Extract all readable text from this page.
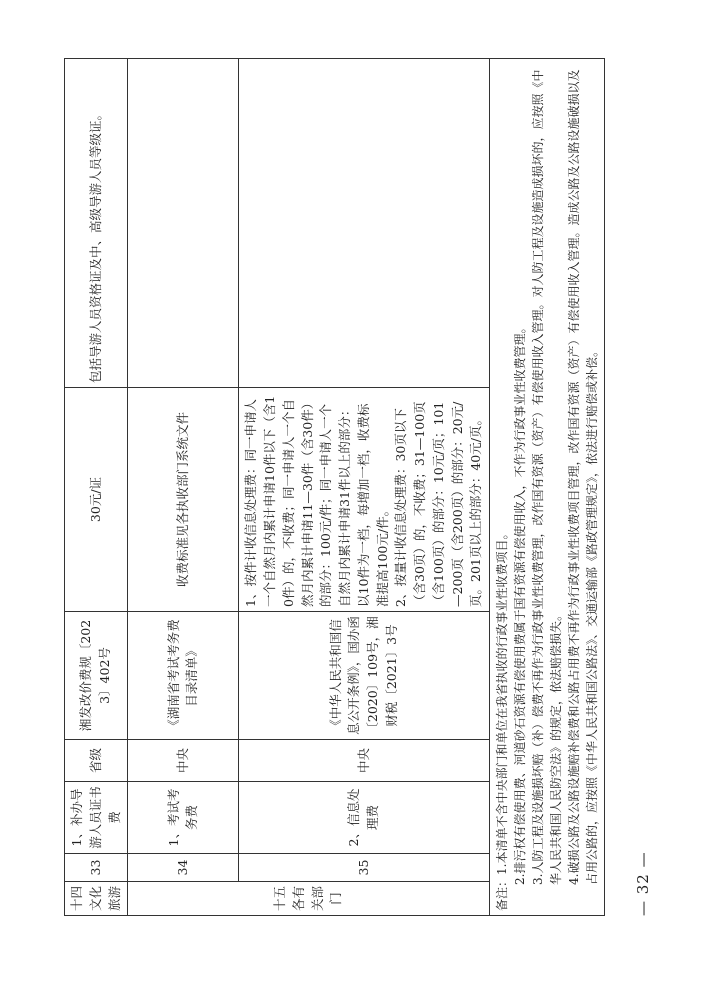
十四 文化旅游	33	1、补办导游人员证书费	省级	湘发改价费规〔2023〕402号	30元/证	包括导游人员资格证及中、高级导游人员等级证。
十五 各有关部门	34	1、考试考务费	中央	《湖南省考试考务费目录清单》	收费标准见各执收部门系统文件	
	35	2、信息处理费	中央	《中华人民共和国信息公开条例》，国办函〔2020〕109号，湘财税〔2021〕3号	1、按件计收信息处理费：同一申请人一个自然月内累计申请10件以下（含10件）的，不收费；同一申请人一个自然月内累计申请11—30件（含30件）的部分：100元/件；同一申请人一个自然月内累计申请31件以上的部分：以10件为一档，每增加一档，收费标准提高100元/件。 2、按量计收信息处理费：30页以下（含30页）的，不收费；31—100页（含100页）的部分：10元/页；101—200页（含200页）的部分：20元/页。201页以上的部分：40元/页。	

备注：1.本清单不含中央部门和单位在我省执收的行政事业性收费项目。 2.排污权有偿使用费、河道砂石资源有偿使用费属于国有资源有偿使用收入，不作为行政事业性收费管理。 3.人防工程及设施损坏赔（补）偿费不再作为行政事业性收费管理，改作国有资源（资产）有偿使用收入管理。对人防工程及设施造成损坏的，应按照《中华人民共和国人民防空法》的规定，依法赔偿损失。 4.破损公路及公路设施赔补偿费和公路占用费不再作为行政事业性收费项目管理，改作国有资源（资产）有偿使用收入管理。造成公路及公路设施破损以及占用公路的，应按照《中华人民共和国公路法》、交通运输部《路政管理规定》，依法进行赔偿或补偿。						— 32 —
